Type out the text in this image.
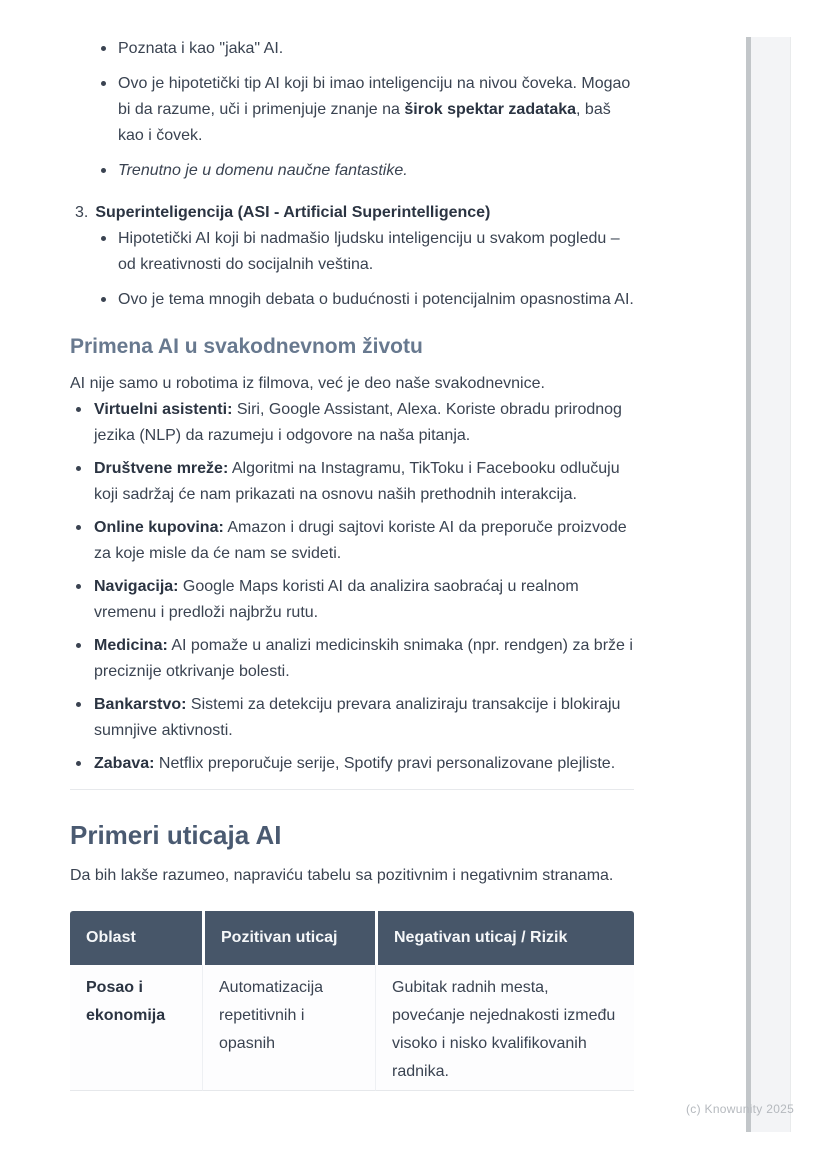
Poznata i kao "jaka" AI.
Ovo je hipotetički tip AI koji bi imao inteligenciju na nivou čoveka. Mogao bi da razume, uči i primenjuje znanje na širok spektar zadataka, baš kao i čovek.
Trenutno je u domenu naučne fantastike.
3. Superinteligencija (ASI - Artificial Superintelligence)
Hipotetički AI koji bi nadmašio ljudsku inteligenciju u svakom pogledu – od kreativnosti do socijalnih veština.
Ovo je tema mnogih debata o budućnosti i potencijalnim opasnostima AI.
Primena AI u svakodnevnom životu

AI nije samo u robotima iz filmova, već je deo naše svakodnevnice.

Virtuelni asistenti: Siri, Google Assistant, Alexa. Koriste obradu prirodnog jezika (NLP) da razumeju i odgovore na naša pitanja.
Društvene mreže: Algoritmi na Instagramu, TikToku i Facebooku odlučuju koji sadržaj će nam prikazati na osnovu naših prethodnih interakcija.
Online kupovina: Amazon i drugi sajtovi koriste AI da preporuče proizvode za koje misle da će nam se svideti.
Navigacija: Google Maps koristi AI da analizira saobraćaj u realnom vremenu i predloži najbržu rutu.
Medicina: AI pomaže u analizi medicinskih snimaka (npr. rendgen) za brže i preciznije otkrivanje bolesti.
Bankarstvo: Sistemi za detekciju prevara analiziraju transakcije i blokiraju sumnjive aktivnosti.
Zabava: Netflix preporučuje serije, Spotify pravi personalizovane plejliste.
Primeri uticaja AI

Da bih lakše razumeo, napraviću tabelu sa pozitivnim i negativnim stranama.

Oblast	Pozitivan uticaj	Negativan uticaj / Rizik
Posao i ekonomija	Automatizacija repetitivnih i opasnih	Gubitak radnih mesta, povećanje nejednakosti između visoko i nisko kvalifikovanih radnika.
(c) Knowunity 2025
